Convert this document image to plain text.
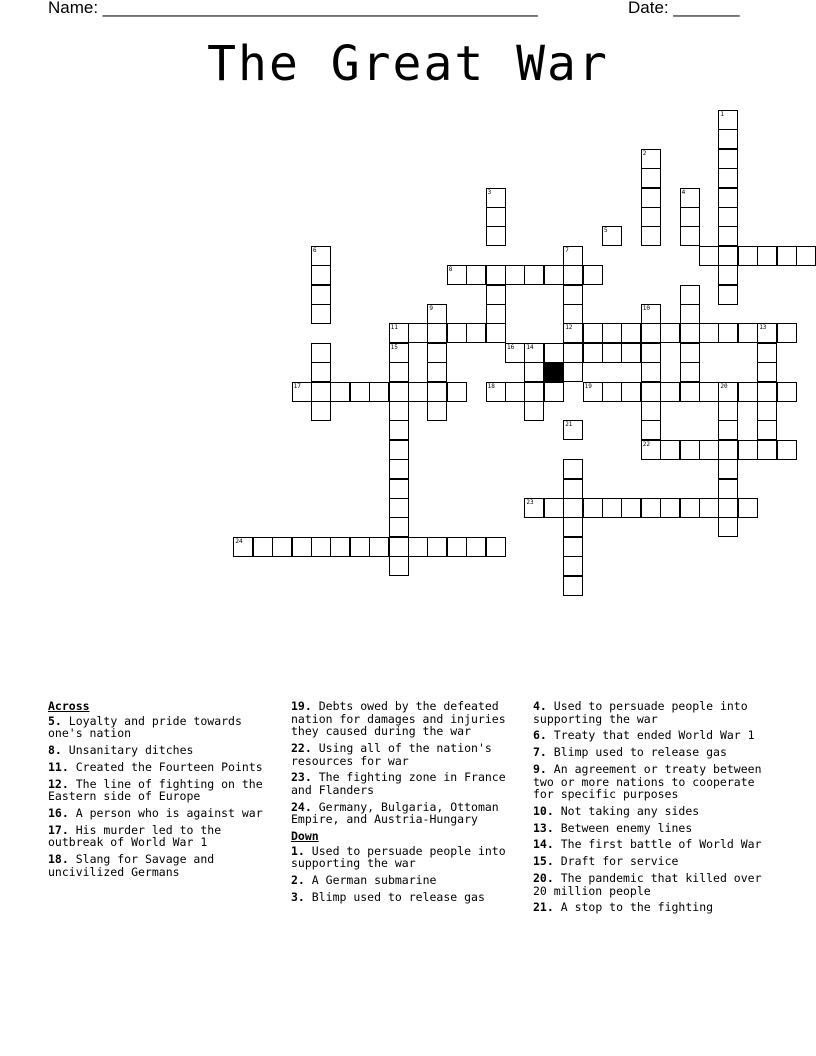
Name: ______________________________________________	Date: _______
The Great War
8
11	12	13
16 14
17	18	19	20
22
23
24
1
2
3	4
6	7
9	10
21
5
15
Across
5. Loyalty and pride towards one's nation
8. Unsanitary ditches
11. Created the Fourteen Points
12. The line of fighting on the Eastern side of Europe
16. A person who is against war
17. His murder led to the outbreak of World War 1
18. Slang for Savage and uncivilized Germans
19. Debts owed by the defeated nation for damages and injuries they caused during the war
22. Using all of the nation's resources for war
23. The fighting zone in France and Flanders
24. Germany, Bulgaria, Ottoman Empire, and Austria-Hungary
Down
1. Used to persuade people into supporting the war
2. A German submarine
3. Blimp used to release gas
4. Used to persuade people into supporting the war
6. Treaty that ended World War 1
7. Blimp used to release gas
9. An agreement or treaty between two or more nations to cooperate for specific purposes
10. Not taking any sides
13. Between enemy lines
14. The first battle of World War
15. Draft for service
20. The pandemic that killed over 20 million people
21. A stop to the fighting
